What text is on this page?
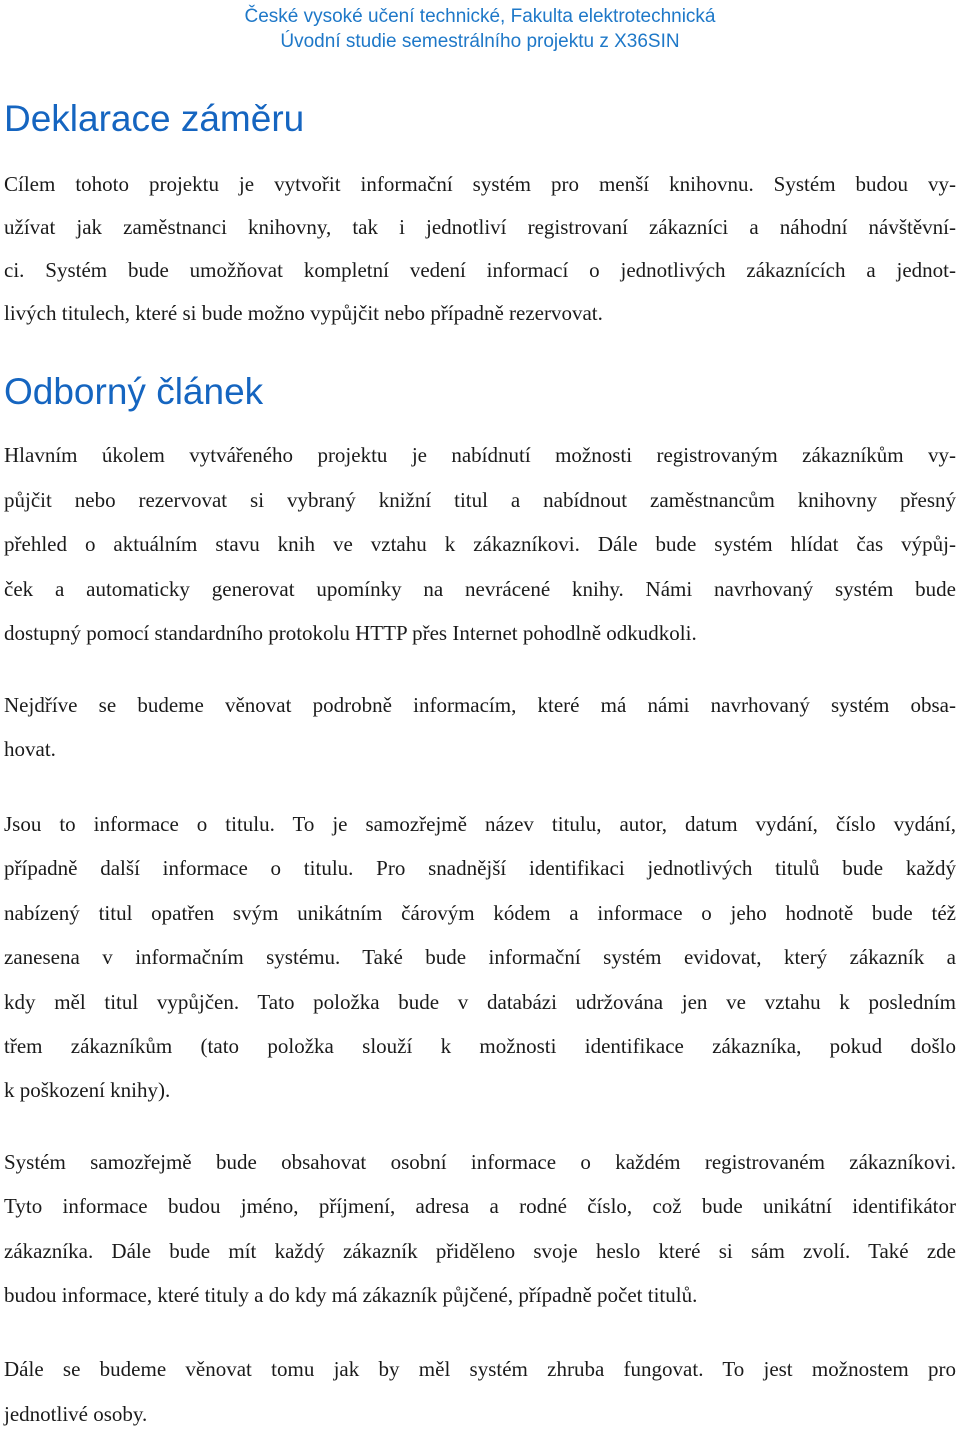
České vysoké učení technické, Fakulta elektrotechnická
Úvodní studie semestrálního projektu z X36SIN
Deklarace záměru
Cílem tohoto projektu je vytvořit informační systém pro menší knihovnu. Systém budou vy-
užívat jak zaměstnanci knihovny, tak i jednotliví registrovaní zákazníci a náhodní návštěvní-
ci. Systém bude umožňovat kompletní vedení informací o jednotlivých zákaznících a jednot-
livých titulech, které si bude možno vypůjčit nebo případně rezervovat.
Odborný článek
Hlavním úkolem vytvářeného projektu je nabídnutí možnosti registrovaným zákazníkům vy-
půjčit nebo rezervovat si vybraný knižní titul a nabídnout zaměstnancům knihovny přesný
přehled o aktuálním stavu knih ve vztahu k zákazníkovi. Dále bude systém hlídat čas výpůj-
ček a automaticky generovat upomínky na nevrácené knihy. Námi navrhovaný systém bude
dostupný pomocí standardního protokolu HTTP přes Internet pohodlně odkudkoli.
Nejdříve se budeme věnovat podrobně informacím, které má námi navrhovaný systém obsa-
hovat.
Jsou to informace o titulu. To je samozřejmě název titulu, autor, datum vydání, číslo vydání,
případně další informace o titulu. Pro snadnější identifikaci jednotlivých titulů bude každý
nabízený titul opatřen svým unikátním čárovým kódem a informace o jeho hodnotě bude též
zanesena v informačním systému. Také bude informační systém evidovat, který zákazník a
kdy měl titul vypůjčen. Tato položka bude v databázi udržována jen ve vztahu k posledním
třem zákazníkům (tato položka slouží k možnosti identifikace zákazníka, pokud došlo
k poškození knihy).
Systém samozřejmě bude obsahovat osobní informace o každém registrovaném zákazníkovi.
Tyto informace budou jméno, příjmení, adresa a rodné číslo, což bude unikátní identifikátor
zákazníka. Dále bude mít každý zákazník přiděleno svoje heslo které si sám zvolí. Také zde
budou informace, které tituly a do kdy má zákazník půjčené, případně počet titulů.
Dále se budeme věnovat tomu jak by měl systém zhruba fungovat. To jest možnostem pro
jednotlivé osoby.
